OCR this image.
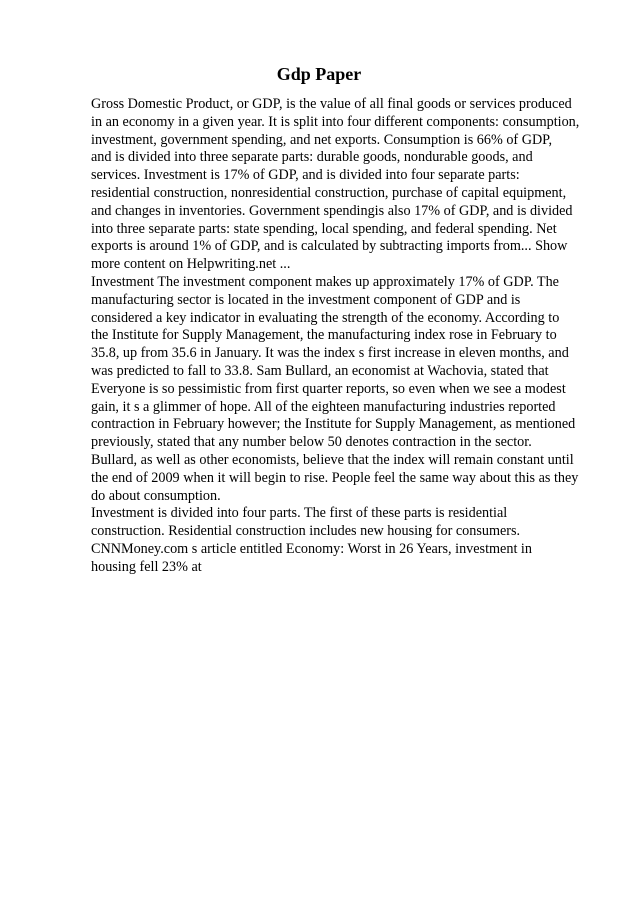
Gdp Paper
Gross Domestic Product, or GDP, is the value of all final goods or services produced
in an economy in a given year. It is split into four different components: consumption,
investment, government spending, and net exports. Consumption is 66% of GDP,
and is divided into three separate parts: durable goods, nondurable goods, and
services. Investment is 17% of GDP, and is divided into four separate parts:
residential construction, nonresidential construction, purchase of capital equipment,
and changes in inventories. Government spendingis also 17% of GDP, and is divided
into three separate parts: state spending, local spending, and federal spending. Net
exports is around 1% of GDP, and is calculated by subtracting imports from... Show
more content on Helpwriting.net ...
Investment The investment component makes up approximately 17% of GDP. The
manufacturing sector is located in the investment component of GDP and is
considered a key indicator in evaluating the strength of the economy. According to
the Institute for Supply Management, the manufacturing index rose in February to
35.8, up from 35.6 in January. It was the index s first increase in eleven months, and
was predicted to fall to 33.8. Sam Bullard, an economist at Wachovia, stated that
Everyone is so pessimistic from first quarter reports, so even when we see a modest
gain, it s a glimmer of hope. All of the eighteen manufacturing industries reported
contraction in February however; the Institute for Supply Management, as mentioned
previously, stated that any number below 50 denotes contraction in the sector.
Bullard, as well as other economists, believe that the index will remain constant until
the end of 2009 when it will begin to rise. People feel the same way about this as they
do about consumption.
Investment is divided into four parts. The first of these parts is residential
construction. Residential construction includes new housing for consumers.
CNNMoney.com s article entitled Economy: Worst in 26 Years, investment in
housing fell 23% at
